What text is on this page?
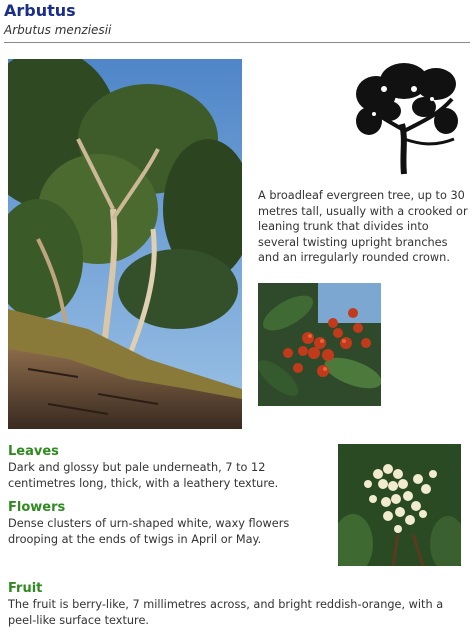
Arbutus

Arbutus menziesii

A broadleaf evergreen tree, up to 30 metres tall, usually with a crooked or leaning trunk that divides into several twisting upright branches and an irregularly rounded crown.

Leaves

Dark and glossy but pale underneath, 7 to 12 centimetres long, thick, with a leathery texture.

Flowers

Dense clusters of urn-shaped white, waxy flowers drooping at the ends of twigs in April or May.

Fruit

The fruit is berry-like, 7 millimetres across, and bright reddish-orange, with a peel-like surface texture.
